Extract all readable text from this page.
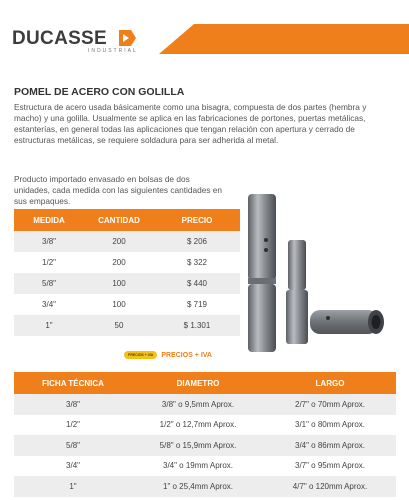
DUCASSE
INDUSTRIAL
POMEL DE ACERO CON GOLILLA
Estructura de acero usada básicamente como una bisagra, compuesta de dos partes (hembra y macho) y una golilla. Usualmente se aplica en las fabricaciones de portones, puertas metálicas, estanterías, en general todas las aplicaciones que tengan relación con apertura y cerrado de estructuras metálicas, se requiere soldadura para ser adherida al metal.
Producto importado envasado en bolsas de dos unidades, cada medida con las siguientes cantidades en sus empaques.
MEDIDA	CANTIDAD	PRECIO
3/8"	200	$ 206
1/2"	200	$ 322
5/8"	100	$ 440
3/4"	100	$ 719
1"	50	$ 1.301
PRECIOS + IVA	PRECIOS + IVA
FICHA TÉCNICA	DIAMETRO	LARGO
3/8"	3/8" o 9,5mm Aprox.	2/7" o 70mm Aprox.
1/2"	1/2" o 12,7mm Aprox.	3/1" o 80mm Aprox.
5/8"	5/8" o 15,9mm Aprox.	3/4" o 86mm Aprox.
3/4"	3/4" o 19mm Aprox.	3/7" o 95mm Aprox.
1"	1" o 25,4mm Aprox.	4/7" o 120mm Aprox.
